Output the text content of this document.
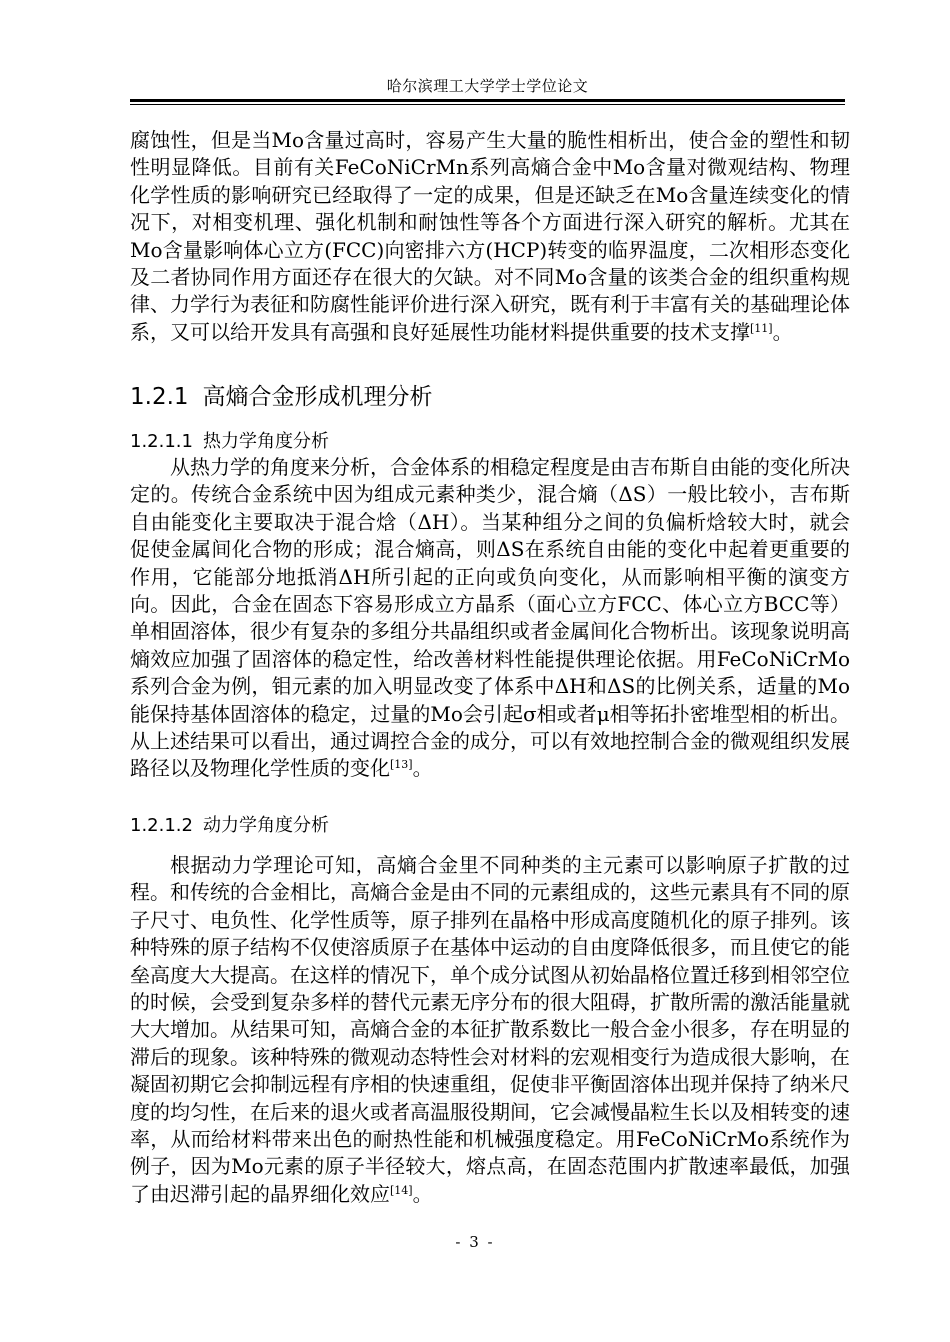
哈尔滨理工大学学士学位论文
腐蚀性，但是当Mo含量过高时，容易产生大量的脆性相析出，使合金的塑性和韧性明显降低。目前有关FeCoNiCrMn系列高熵合金中Mo含量对微观结构、物理化学性质的影响研究已经取得了一定的成果，但是还缺乏在Mo含量连续变化的情况下，对相变机理、强化机制和耐蚀性等各个方面进行深入研究的解析。尤其在Mo含量影响体心立方(FCC)向密排六方(HCP)转变的临界温度，二次相形态变化及二者协同作用方面还存在很大的欠缺。对不同Mo含量的该类合金的组织重构规律、力学行为表征和防腐性能评价进行深入研究，既有利于丰富有关的基础理论体系，又可以给开发具有高强和良好延展性功能材料提供重要的技术支撑[11]。
1.2.1 高熵合金形成机理分析
1.2.1.1 热力学角度分析
从热力学的角度来分析，合金体系的相稳定程度是由吉布斯自由能的变化所决定的。传统合金系统中因为组成元素种类少，混合熵（ΔS）一般比较小，吉布斯自由能变化主要取决于混合焓（ΔH）。当某种组分之间的负偏析焓较大时，就会促使金属间化合物的形成；混合熵高，则ΔS在系统自由能的变化中起着更重要的作用，它能部分地抵消ΔH所引起的正向或负向变化，从而影响相平衡的演变方向。因此，合金在固态下容易形成立方晶系（面心立方FCC、体心立方BCC等）单相固溶体，很少有复杂的多组分共晶组织或者金属间化合物析出。该现象说明高熵效应加强了固溶体的稳定性，给改善材料性能提供理论依据。用FeCoNiCrMo系列合金为例，钼元素的加入明显改变了体系中ΔH和ΔS的比例关系，适量的Mo能保持基体固溶体的稳定，过量的Mo会引起σ相或者μ相等拓扑密堆型相的析出。从上述结果可以看出，通过调控合金的成分，可以有效地控制合金的微观组织发展路径以及物理化学性质的变化[13]。
1.2.1.2 动力学角度分析
根据动力学理论可知，高熵合金里不同种类的主元素可以影响原子扩散的过程。和传统的合金相比，高熵合金是由不同的元素组成的，这些元素具有不同的原子尺寸、电负性、化学性质等，原子排列在晶格中形成高度随机化的原子排列。该种特殊的原子结构不仅使溶质原子在基体中运动的自由度降低很多，而且使它的能垒高度大大提高。在这样的情况下，单个成分试图从初始晶格位置迁移到相邻空位的时候，会受到复杂多样的替代元素无序分布的很大阻碍，扩散所需的激活能量就大大增加。从结果可知，高熵合金的本征扩散系数比一般合金小很多，存在明显的滞后的现象。该种特殊的微观动态特性会对材料的宏观相变行为造成很大影响，在凝固初期它会抑制远程有序相的快速重组，促使非平衡固溶体出现并保持了纳米尺度的均匀性，在后来的退火或者高温服役期间，它会减慢晶粒生长以及相转变的速率，从而给材料带来出色的耐热性能和机械强度稳定。用FeCoNiCrMo系统作为例子，因为Mo元素的原子半径较大，熔点高，在固态范围内扩散速率最低，加强了由迟滞引起的晶界细化效应[14]。
- 3 -
